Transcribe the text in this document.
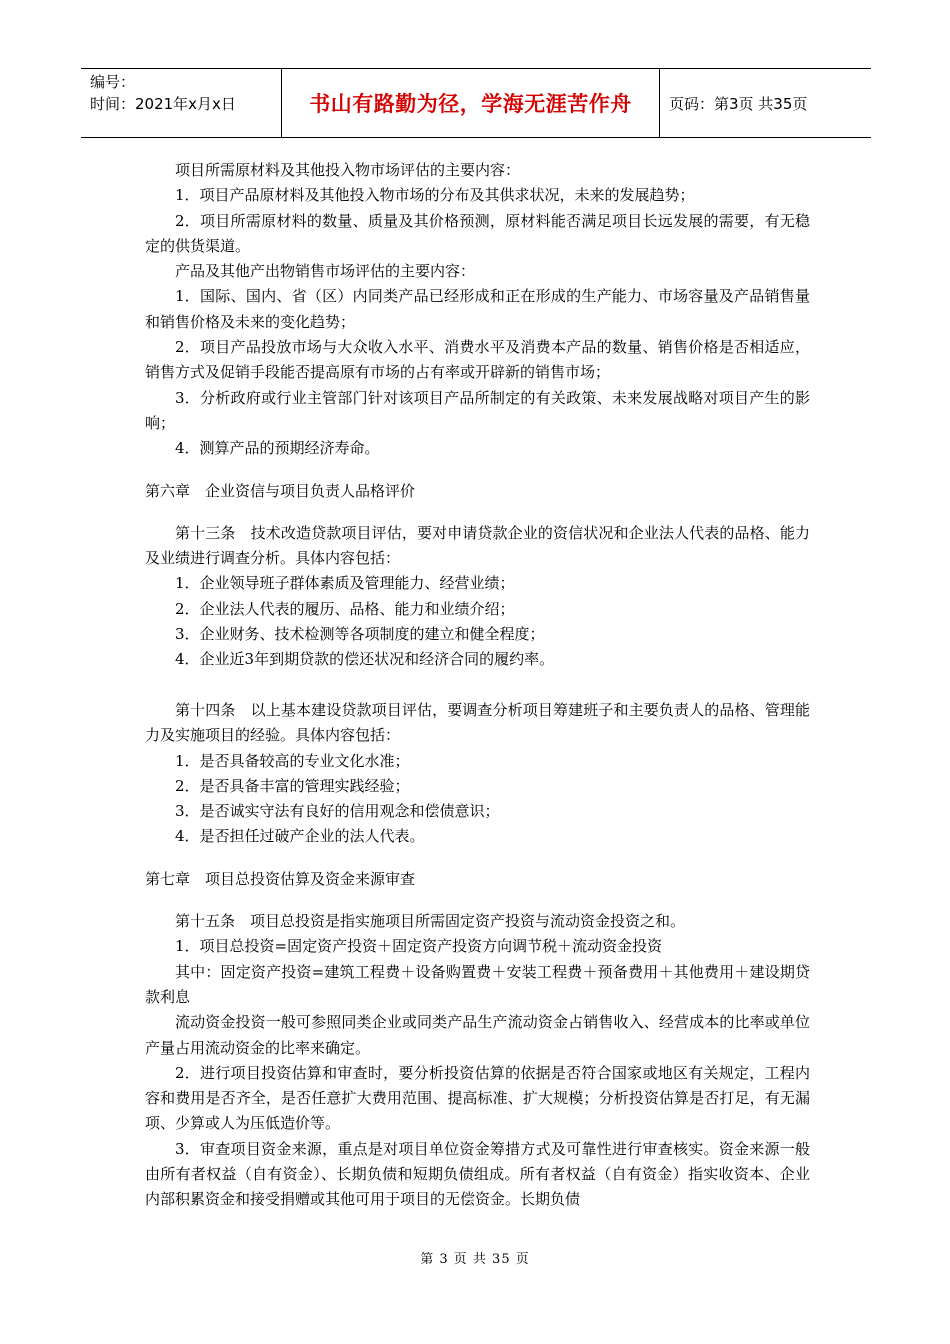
编号：
时间：2021年x月x日	书山有路勤为径，学海无涯苦作舟	页码：第3页 共35页

项目所需原材料及其他投入物市场评估的主要内容：

1．项目产品原材料及其他投入物市场的分布及其供求状况，未来的发展趋势；

2．项目所需原材料的数量、质量及其价格预测，原材料能否满足项目长远发展的需要，有无稳定的供货渠道。

产品及其他产出物销售市场评估的主要内容：

1．国际、国内、省（区）内同类产品已经形成和正在形成的生产能力、市场容量及产品销售量和销售价格及未来的变化趋势；

2．项目产品投放市场与大众收入水平、消费水平及消费本产品的数量、销售价格是否相适应，销售方式及促销手段能否提高原有市场的占有率或开辟新的销售市场；

3．分析政府或行业主管部门针对该项目产品所制定的有关政策、未来发展战略对项目产生的影响；

4．测算产品的预期经济寿命。

第六章　企业资信与项目负责人品格评价

第十三条　技术改造贷款项目评估，要对申请贷款企业的资信状况和企业法人代表的品格、能力及业绩进行调查分析。具体内容包括：

1．企业领导班子群体素质及管理能力、经营业绩；

2．企业法人代表的履历、品格、能力和业绩介绍；

3．企业财务、技术检测等各项制度的建立和健全程度；

4．企业近3年到期贷款的偿还状况和经济合同的履约率。

第十四条　以上基本建设贷款项目评估，要调查分析项目筹建班子和主要负责人的品格、管理能力及实施项目的经验。具体内容包括：

1．是否具备较高的专业文化水准；

2．是否具备丰富的管理实践经验；

3．是否诚实守法有良好的信用观念和偿债意识；

4．是否担任过破产企业的法人代表。

第七章　项目总投资估算及资金来源审查

第十五条　项目总投资是指实施项目所需固定资产投资与流动资金投资之和。

1．项目总投资=固定资产投资＋固定资产投资方向调节税＋流动资金投资

其中：固定资产投资=建筑工程费＋设备购置费＋安装工程费＋预备费用＋其他费用＋建设期贷款利息

流动资金投资一般可参照同类企业或同类产品生产流动资金占销售收入、经营成本的比率或单位产量占用流动资金的比率来确定。

2．进行项目投资估算和审查时，要分析投资估算的依据是否符合国家或地区有关规定，工程内容和费用是否齐全，是否任意扩大费用范围、提高标准、扩大规模；分析投资估算是否打足，有无漏项、少算或人为压低造价等。

3．审查项目资金来源，重点是对项目单位资金筹措方式及可靠性进行审查核实。资金来源一般由所有者权益（自有资金）、长期负债和短期负债组成。所有者权益（自有资金）指实收资本、企业内部积累资金和接受捐赠或其他可用于项目的无偿资金。长期负债

第 3 页 共 35 页
